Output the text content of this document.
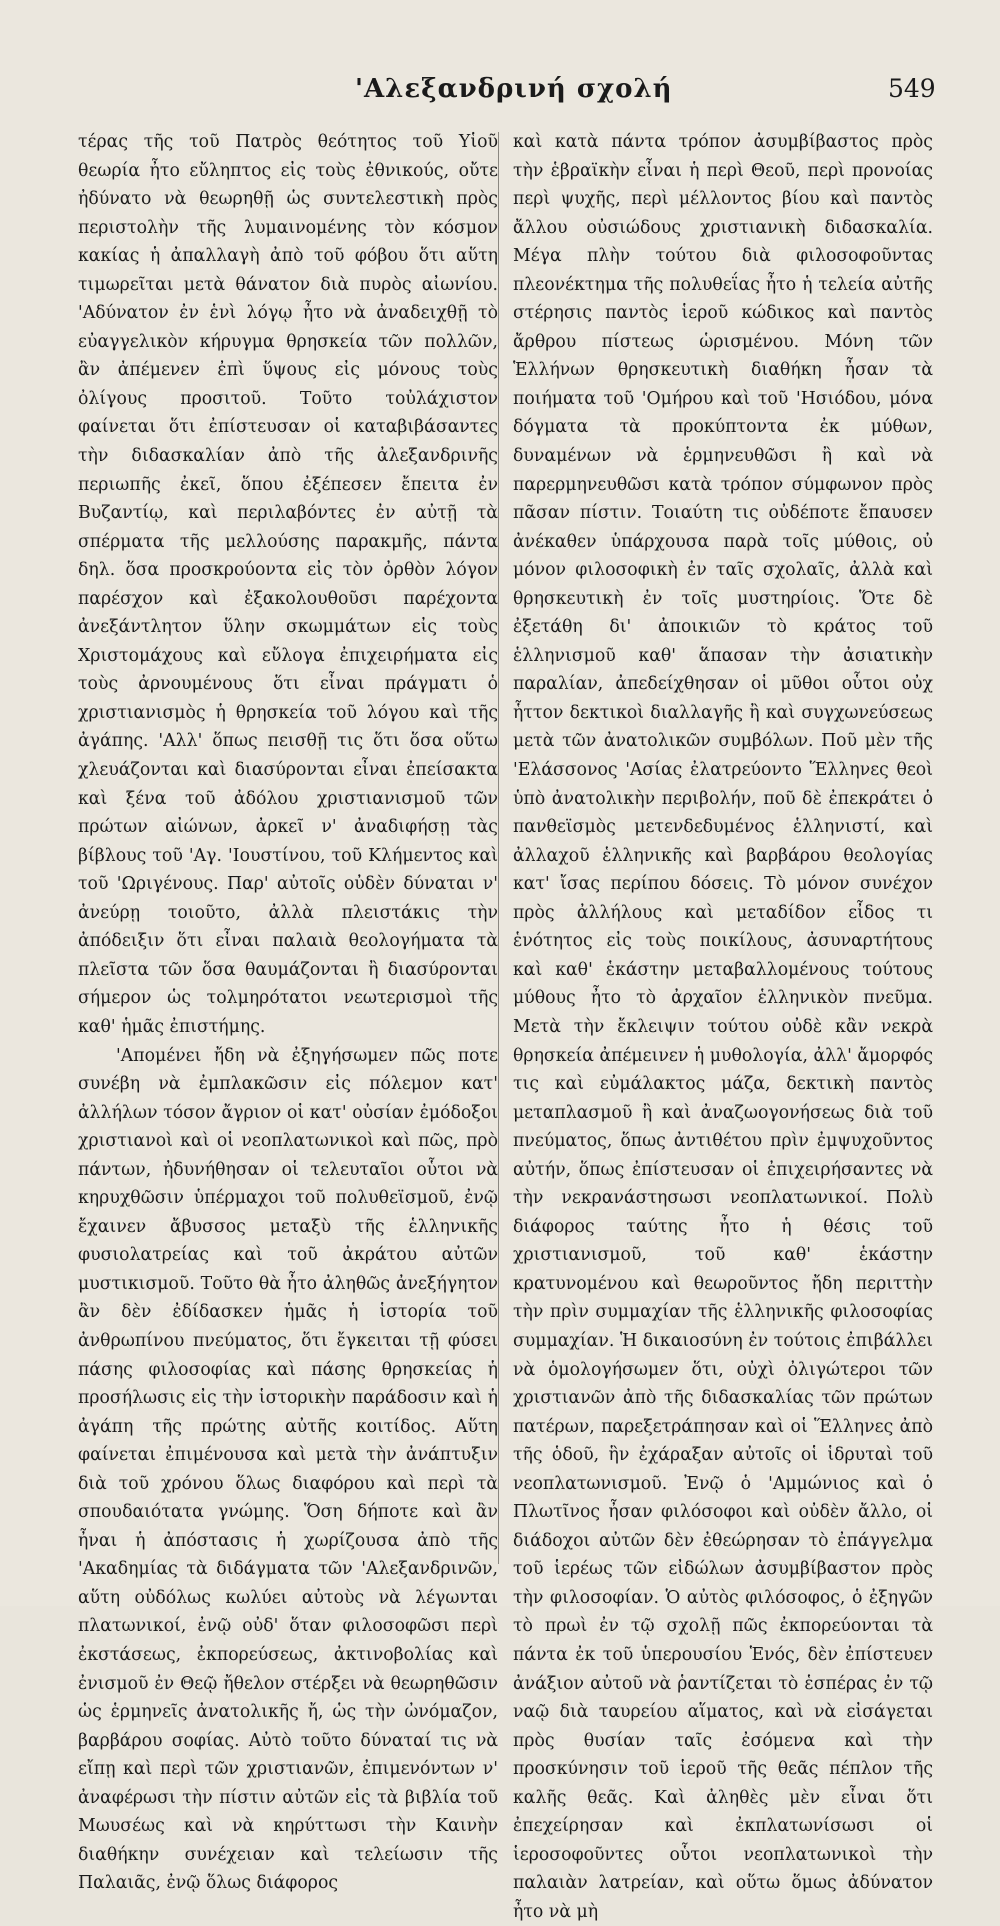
'Αλεξανδρινή σχολή	549

τέρας τῆς τοῦ Πατρὸς θεότητος τοῦ Υἱοῦ θεωρία ἦτο εὔληπτος εἰς τοὺς ἐθνικούς, οὔτε ἠδύνατο νὰ θεωρηθῇ ὡς συντελεστικὴ πρὸς περιστολὴν τῆς λυμαινομένης τὸν κόσμον κακίας ἡ ἀπαλλαγὴ ἀπὸ τοῦ φόβου ὅτι αὕτη τιμωρεῖται μετὰ θάνατον διὰ πυρὸς αἰωνίου. 'Αδύνατον ἐν ἑνὶ λόγῳ ἦτο νὰ ἀναδειχθῇ τὸ εὐαγγελικὸν κήρυγμα θρησκεία τῶν πολλῶν, ἂν ἀπέμενεν ἐπὶ ὕψους εἰς μόνους τοὺς ὀλίγους προσιτοῦ. Τοῦτο τοὐλάχιστον φαίνεται ὅτι ἐπίστευσαν οἱ καταβιβάσαντες τὴν διδασκαλίαν ἀπὸ τῆς ἀλεξανδρινῆς περιωπῆς ἐκεῖ, ὅπου ἐξέπεσεν ἔπειτα ἐν Βυζαντίῳ, καὶ περιλαβόντες ἐν αὐτῇ τὰ σπέρματα τῆς μελλούσης παρακμῆς, πάντα δηλ. ὅσα προσκρούοντα εἰς τὸν ὀρθὸν λόγον παρέσχον καὶ ἐξακολουθοῦσι παρέχοντα ἀνεξάντλητον ὕλην σκωμμάτων εἰς τοὺς Χριστομάχους καὶ εὔλογα ἐπιχειρήματα εἰς τοὺς ἀρνουμένους ὅτι εἶναι πράγματι ὁ χριστιανισμὸς ἡ θρησκεία τοῦ λόγου καὶ τῆς ἀγάπης. 'Αλλ' ὅπως πεισθῇ τις ὅτι ὅσα οὕτω χλευάζονται καὶ διασύρονται εἶναι ἐπείσακτα καὶ ξένα τοῦ ἀδόλου χριστιανισμοῦ τῶν πρώτων αἰώνων, ἀρκεῖ ν' ἀναδιφήσῃ τὰς βίβλους τοῦ 'Αγ. 'Ιουστίνου, τοῦ Κλήμεντος καὶ τοῦ 'Ωριγένους. Παρ' αὐτοῖς οὐδὲν δύναται ν' ἀνεύρῃ τοιοῦτο, ἀλλὰ πλειστάκις τὴν ἀπόδειξιν ὅτι εἶναι παλαιὰ θεολογήματα τὰ πλεῖστα τῶν ὅσα θαυμάζονται ἢ διασύρονται σήμερον ὡς τολμηρότατοι νεωτερισμοὶ τῆς καθ' ἡμᾶς ἐπιστήμης.

'Απομένει ἤδη νὰ ἐξηγήσωμεν πῶς ποτε συνέβη νὰ ἐμπλακῶσιν εἰς πόλεμον κατ' ἀλλήλων τόσον ἄγριον οἱ κατ' οὐσίαν ἐμόδοξοι χριστιανοὶ καὶ οἱ νεοπλατωνικοὶ καὶ πῶς, πρὸ πάντων, ἠδυνήθησαν οἱ τελευταῖοι οὗτοι νὰ κηρυχθῶσιν ὑπέρμαχοι τοῦ πολυθεϊσμοῦ, ἐνῷ ἔχαινεν ἄβυσσος μεταξὺ τῆς ἑλληνικῆς φυσιολατρείας καὶ τοῦ ἀκράτου αὐτῶν μυστικισμοῦ. Τοῦτο θὰ ἦτο ἀληθῶς ἀνεξήγητον ἂν δὲν ἐδίδασκεν ἡμᾶς ἡ ἱστορία τοῦ ἀνθρωπίνου πνεύματος, ὅτι ἔγκειται τῇ φύσει πάσης φιλοσοφίας καὶ πάσης θρησκείας ἡ προσήλωσις εἰς τὴν ἱστορικὴν παράδοσιν καὶ ἡ ἀγάπη τῆς πρώτης αὐτῆς κοιτίδος. Αὕτη φαίνεται ἐπιμένουσα καὶ μετὰ τὴν ἀνάπτυξιν διὰ τοῦ χρόνου ὅλως διαφόρου καὶ περὶ τὰ σπουδαιότατα γνώμης. Ὅση δήποτε καὶ ἂν ἦναι ἡ ἀπόστασις ἡ χωρίζουσα ἀπὸ τῆς 'Ακαδημίας τὰ διδάγματα τῶν 'Αλεξανδρινῶν, αὕτη οὐδόλως κωλύει αὐτοὺς νὰ λέγωνται πλατωνικοί, ἐνῷ οὐδ' ὅταν φιλοσοφῶσι περὶ ἐκστάσεως, ἐκπορεύσεως, ἀκτινοβολίας καὶ ἐνισμοῦ ἐν Θεῷ ἤθελον στέρξει νὰ θεωρηθῶσιν ὡς ἑρμηνεῖς ἀνατολικῆς ἤ, ὡς τὴν ὠνόμαζον, βαρβάρου σοφίας. Αὐτὸ τοῦτο δύναταί τις νὰ εἴπῃ καὶ περὶ τῶν χριστιανῶν, ἐπιμενόντων ν' ἀναφέρωσι τὴν πίστιν αὐτῶν εἰς τὰ βιβλία τοῦ Μωυσέως καὶ νὰ κηρύττωσι τὴν Καινὴν διαθήκην συνέχειαν καὶ τελείωσιν τῆς Παλαιᾶς, ἐνῷ ὅλως διάφορος

καὶ κατὰ πάντα τρόπον ἀσυμβίβαστος πρὸς τὴν ἑβραϊκὴν εἶναι ἡ περὶ Θεοῦ, περὶ προνοίας περὶ ψυχῆς, περὶ μέλλοντος βίου καὶ παντὸς ἄλλου οὐσιώδους χριστιανικὴ διδασκαλία. Μέγα πλὴν τούτου διὰ φιλοσοφοῦντας πλεονέκτημα τῆς πολυθεΐας ἦτο ἡ τελεία αὐτῆς στέρησις παντὸς ἱεροῦ κώδικος καὶ παντὸς ἄρθρου πίστεως ὡρισμένου. Μόνη τῶν Ἑλλήνων θρησκευτικὴ διαθήκη ἦσαν τὰ ποιήματα τοῦ 'Ομήρου καὶ τοῦ 'Ησιόδου, μόνα δόγματα τὰ προκύπτοντα ἐκ μύθων, δυναμένων νὰ ἑρμηνευθῶσι ἢ καὶ νὰ παρερμηνευθῶσι κατὰ τρόπον σύμφωνον πρὸς πᾶσαν πίστιν. Τοιαύτη τις οὐδέποτε ἔπαυσεν ἀνέκαθεν ὑπάρχουσα παρὰ τοῖς μύθοις, οὐ μόνον φιλοσοφικὴ ἐν ταῖς σχολαῖς, ἀλλὰ καὶ θρησκευτικὴ ἐν τοῖς μυστηρίοις. Ὅτε δὲ ἐξετάθη δι' ἀποικιῶν τὸ κράτος τοῦ ἑλληνισμοῦ καθ' ἅπασαν τὴν ἀσιατικὴν παραλίαν, ἀπεδείχθησαν οἱ μῦθοι οὗτοι οὐχ ἧττον δεκτικοὶ διαλλαγῆς ἢ καὶ συγχωνεύσεως μετὰ τῶν ἀνατολικῶν συμβόλων. Ποῦ μὲν τῆς 'Ελάσσονος 'Ασίας ἐλατρεύοντο Ἕλληνες θεοὶ ὑπὸ ἀνατολικὴν περιβολήν, ποῦ δὲ ἐπεκράτει ὁ πανθεϊσμὸς μετενδεδυμένος ἑλληνιστί, καὶ ἀλλαχοῦ ἑλληνικῆς καὶ βαρβάρου θεολογίας κατ' ἴσας περίπου δόσεις. Τὸ μόνον συνέχον πρὸς ἀλλήλους καὶ μεταδίδον εἶδος τι ἑνότητος εἰς τοὺς ποικίλους, ἀσυναρτήτους καὶ καθ' ἑκάστην μεταβαλλομένους τούτους μύθους ἦτο τὸ ἀρχαῖον ἑλληνικὸν πνεῦμα. Μετὰ τὴν ἔκλειψιν τούτου οὐδὲ κἂν νεκρὰ θρησκεία ἀπέμεινεν ἡ μυθολογία, ἀλλ' ἄμορφός τις καὶ εὐμάλακτος μάζα, δεκτικὴ παντὸς μεταπλασμοῦ ἢ καὶ ἀναζωογονήσεως διὰ τοῦ πνεύματος, ὅπως ἀντιθέτου πρὶν ἐμψυχοῦντος αὐτήν, ὅπως ἐπίστευσαν οἱ ἐπιχειρήσαντες νὰ τὴν νεκρανάστησωσι νεοπλατωνικοί. Πολὺ διάφορος ταύτης ἦτο ἡ θέσις τοῦ χριστιανισμοῦ, τοῦ καθ' ἑκάστην κρατυνομένου καὶ θεωροῦντος ἤδη περιττὴν τὴν πρὶν συμμαχίαν τῆς ἑλληνικῆς φιλοσοφίας συμμαχίαν. Ἡ δικαιοσύνη ἐν τούτοις ἐπιβάλλει νὰ ὁμολογήσωμεν ὅτι, οὐχὶ ὀλιγώτεροι τῶν χριστιανῶν ἀπὸ τῆς διδασκαλίας τῶν πρώτων πατέρων, παρεξετράπησαν καὶ οἱ Ἕλληνες ἀπὸ τῆς ὁδοῦ, ἣν ἐχάραξαν αὐτοῖς οἱ ἱδρυταὶ τοῦ νεοπλατωνισμοῦ. Ἐνῷ ὁ 'Αμμώνιος καὶ ὁ Πλωτῖνος ἦσαν φιλόσοφοι καὶ οὐδὲν ἄλλο, οἱ διάδοχοι αὐτῶν δὲν ἐθεώρησαν τὸ ἐπάγγελμα τοῦ ἱερέως τῶν εἰδώλων ἀσυμβίβαστον πρὸς τὴν φιλοσοφίαν. Ὁ αὐτὸς φιλόσοφος, ὁ ἐξηγῶν τὸ πρωὶ ἐν τῷ σχολῇ πῶς ἐκπορεύονται τὰ πάντα ἐκ τοῦ ὑπερουσίου Ἑνός, δὲν ἐπίστευεν ἀνάξιον αὐτοῦ νὰ ῥαντίζεται τὸ ἑσπέρας ἐν τῷ ναῷ διὰ ταυρείου αἵματος, καὶ νὰ εἰσάγεται πρὸς θυσίαν ταῖς ἐσόμενα καὶ τὴν προσκύνησιν τοῦ ἱεροῦ τῆς θεᾶς πέπλον τῆς καλῆς θεᾶς. Καὶ ἀληθὲς μὲν εἶναι ὅτι ἐπεχείρησαν καὶ ἐκπλατωνίσωσι οἱ ἱεροσοφοῦντες οὗτοι νεοπλατωνικοὶ τὴν παλαιὰν λατρείαν, καὶ οὕτω ὅμως ἀδύνατον ἦτο νὰ μὴ
